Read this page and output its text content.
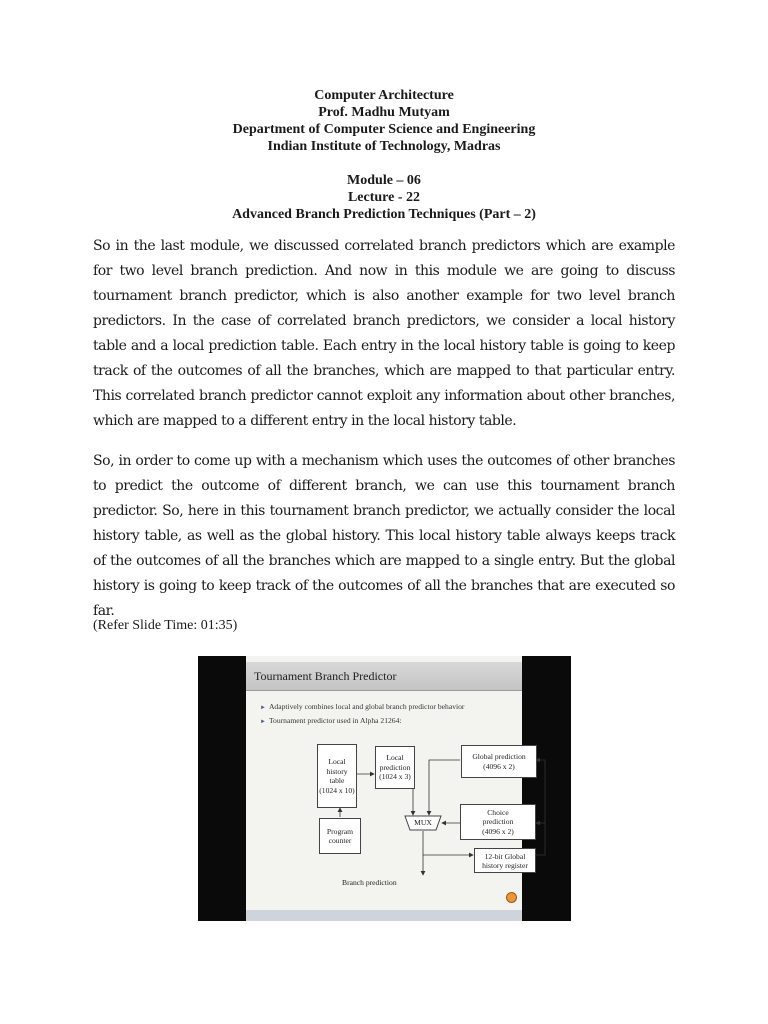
Computer Architecture

Prof. Madhu Mutyam

Department of Computer Science and Engineering

Indian Institute of Technology, Madras

Module – 06

Lecture - 22

Advanced Branch Prediction Techniques (Part – 2)

So in the last module, we discussed correlated branch predictors which are example for two level branch prediction. And now in this module we are going to discuss tournament branch predictor, which is also another example for two level branch predictors. In the case of correlated branch predictors, we consider a local history table and a local prediction table. Each entry in the local history table is going to keep track of the outcomes of all the branches, which are mapped to that particular entry. This correlated branch predictor cannot exploit any information about other branches, which are mapped to a different entry in the local history table.

So, in order to come up with a mechanism which uses the outcomes of other branches to predict the outcome of different branch, we can use this tournament branch predictor. So, here in this tournament branch predictor, we actually consider the local history table, as well as the global history. This local history table always keeps track of the outcomes of all the branches which are mapped to a single entry. But the global history is going to keep track of the outcomes of all the branches that are executed so far.

(Refer Slide Time: 01:35)

Tournament Branch Predictor

► Adaptively combines local and global branch predictor behavior

► Tournament predictor used in Alpha 21264:

Local
history
table
(1024 x 10)
Local
prediction
(1024 x 3)
Global prediction
(4096 x 2)
Program
counter
Choice
prediction
(4096 x 2)
12-bit Global
history register
MUX

Branch prediction
